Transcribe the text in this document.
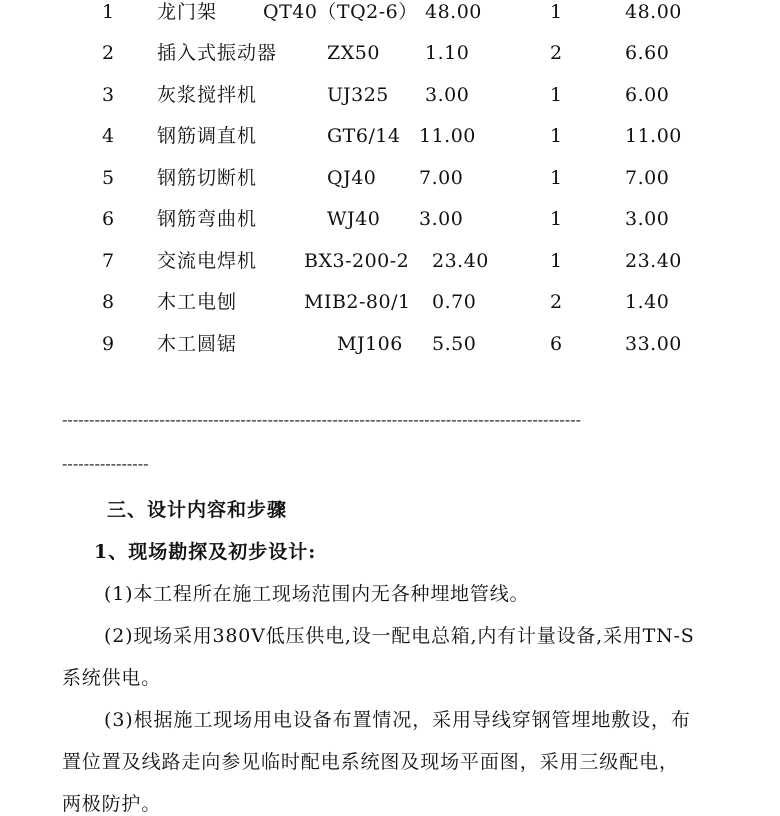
1 龙门架 QT40（TQ2-6） 48.00	1	48.00
2 插入式振动器	ZX50 1.10	2	6.60
3 灰浆搅拌机	UJ325 3.00	1	6.00
4 钢筋调直机	GT6/14 11.00	1	11.00
5 钢筋切断机	QJ40 7.00	1	7.00
6 钢筋弯曲机	WJ40 3.00	1	3.00
7 交流电焊机 BX3-200-2 23.40	1	23.40
8 木工电刨	MIB2-80/1 0.70	2	1.40
9 木工圆锯	MJ106 5.50	6	33.00
------------------------------------------------------------------------------------------------
----------------
三、设计内容和步骤
1、现场勘探及初步设计:
(1)本工程所在施工现场范围内无各种埋地管线。
(2)现场采用380V低压供电,设一配电总箱,内有计量设备,采用TN-S
系统供电。
(3)根据施工现场用电设备布置情况，采用导线穿钢管埋地敷设，布
置位置及线路走向参见临时配电系统图及现场平面图，采用三级配电，
两极防护。
